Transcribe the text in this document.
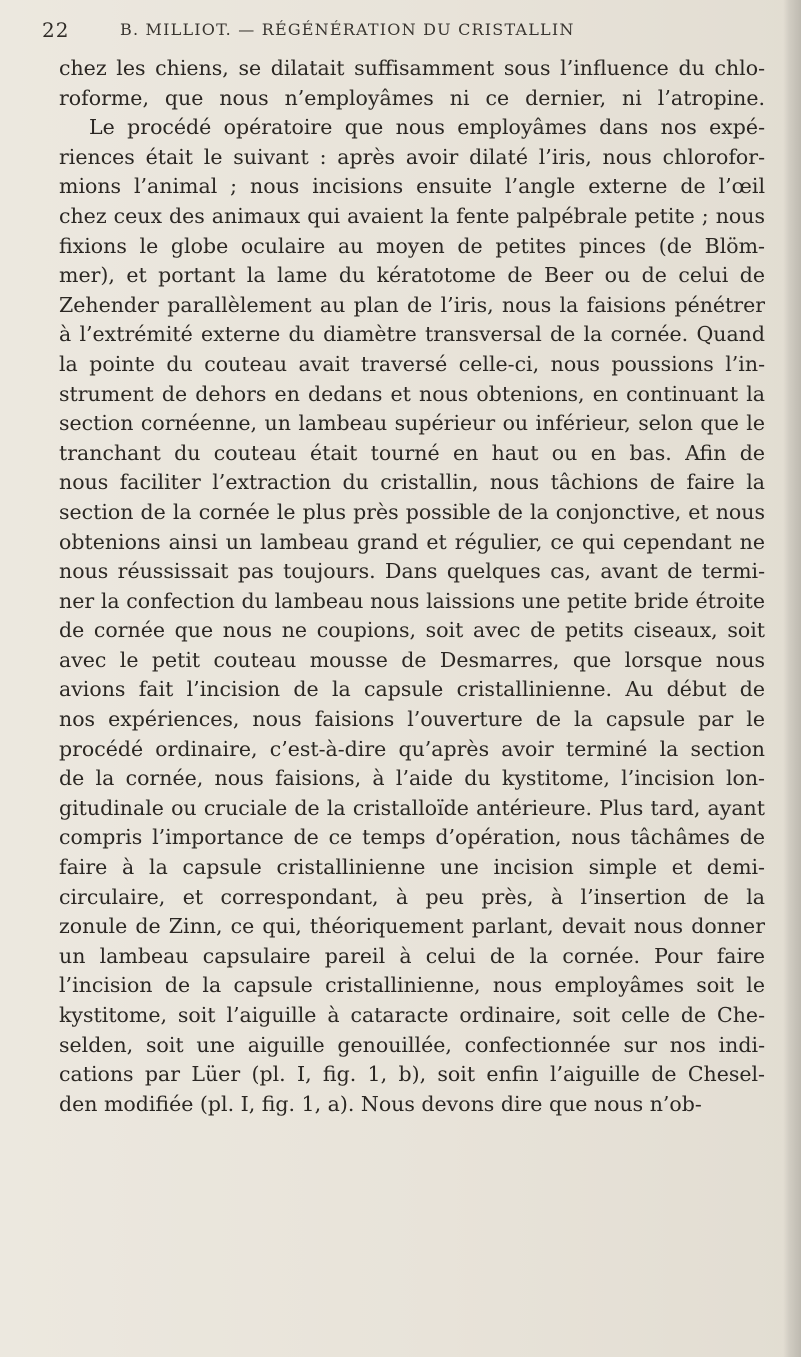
22	B. MILLIOT. — RÉGÉNÉRATION DU CRISTALLIN
chez les chiens, se dilatait suffisamment sous l’influence du chlo-
roforme, que nous n’employâmes ni ce dernier, ni l’atropine.
Le procédé opératoire que nous employâmes dans nos expé-
riences était le suivant : après avoir dilaté l’iris, nous chlorofor-
mions l’animal ; nous incisions ensuite l’angle externe de l’œil
chez ceux des animaux qui avaient la fente palpébrale petite ; nous
fixions le globe oculaire au moyen de petites pinces (de Blöm-
mer), et portant la lame du kératotome de Beer ou de celui de
Zehender parallèlement au plan de l’iris, nous la faisions pénétrer
à l’extrémité externe du diamètre transversal de la cornée. Quand
la pointe du couteau avait traversé celle-ci, nous poussions l’in-
strument de dehors en dedans et nous obtenions, en continuant la
section cornéenne, un lambeau supérieur ou inférieur, selon que le
tranchant du couteau était tourné en haut ou en bas. Afin de
nous faciliter l’extraction du cristallin, nous tâchions de faire la
section de la cornée le plus près possible de la conjonctive, et nous
obtenions ainsi un lambeau grand et régulier, ce qui cependant ne
nous réussissait pas toujours. Dans quelques cas, avant de termi-
ner la confection du lambeau nous laissions une petite bride étroite
de cornée que nous ne coupions, soit avec de petits ciseaux, soit
avec le petit couteau mousse de Desmarres, que lorsque nous
avions fait l’incision de la capsule cristallinienne. Au début de
nos expériences, nous faisions l’ouverture de la capsule par le
procédé ordinaire, c’est-à-dire qu’après avoir terminé la section
de la cornée, nous faisions, à l’aide du kystitome, l’incision lon-
gitudinale ou cruciale de la cristalloïde antérieure. Plus tard, ayant
compris l’importance de ce temps d’opération, nous tâchâmes de
faire à la capsule cristallinienne une incision simple et demi-
circulaire, et correspondant, à peu près, à l’insertion de la
zonule de Zinn, ce qui, théoriquement parlant, devait nous donner
un lambeau capsulaire pareil à celui de la cornée. Pour faire
l’incision de la capsule cristallinienne, nous employâmes soit le
kystitome, soit l’aiguille à cataracte ordinaire, soit celle de Che-
selden, soit une aiguille genouillée, confectionnée sur nos indi-
cations par Lüer (pl. I, fig. 1, b), soit enfin l’aiguille de Chesel-
den modifiée (pl. I, fig. 1, a). Nous devons dire que nous n’ob-
